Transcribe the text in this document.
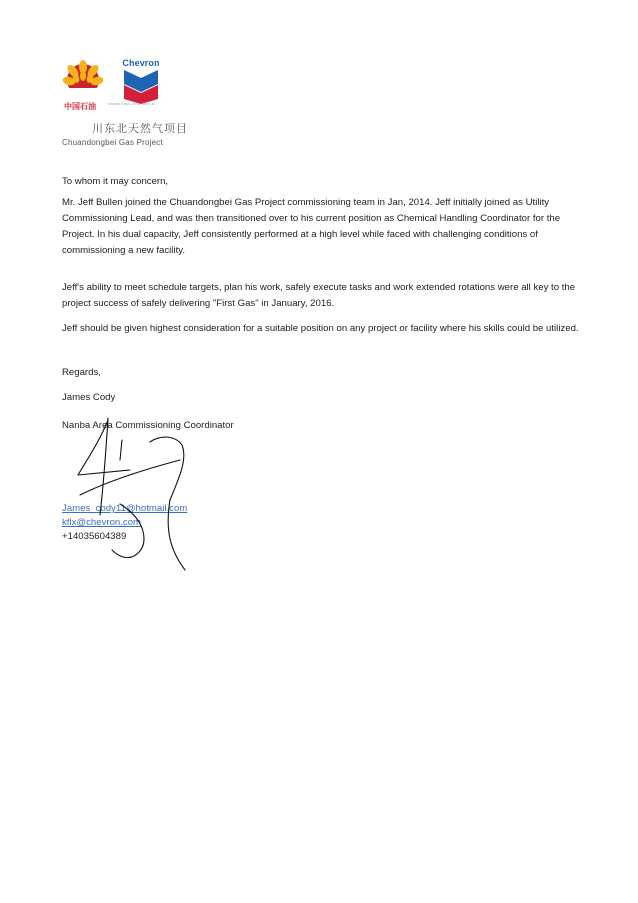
Chevron
中国石油	Unocal East China Sea Ltd
川东北天然气项目
Chuandongbei Gas Project
To whom it may concern,
Mr. Jeff Bullen joined the Chuandongbei Gas Project commissioning team in Jan, 2014. Jeff initially joined as Utility Commissioning Lead, and was then transitioned over to his current position as Chemical Handling Coordinator for the Project. In his dual capacity, Jeff consistently performed at a high level while faced with challenging conditions of commissioning a new facility.
Jeff's ability to meet schedule targets, plan his work, safely execute tasks and work extended rotations were all key to the project success of safely delivering "First Gas" in January, 2016.
Jeff should be given highest consideration for a suitable position on any project or facility where his skills could be utilized.
Regards,
James Cody
Nanba Area Commissioning Coordinator
James_cody11@hotmail.com
kflx@chevron.com
+14035604389
